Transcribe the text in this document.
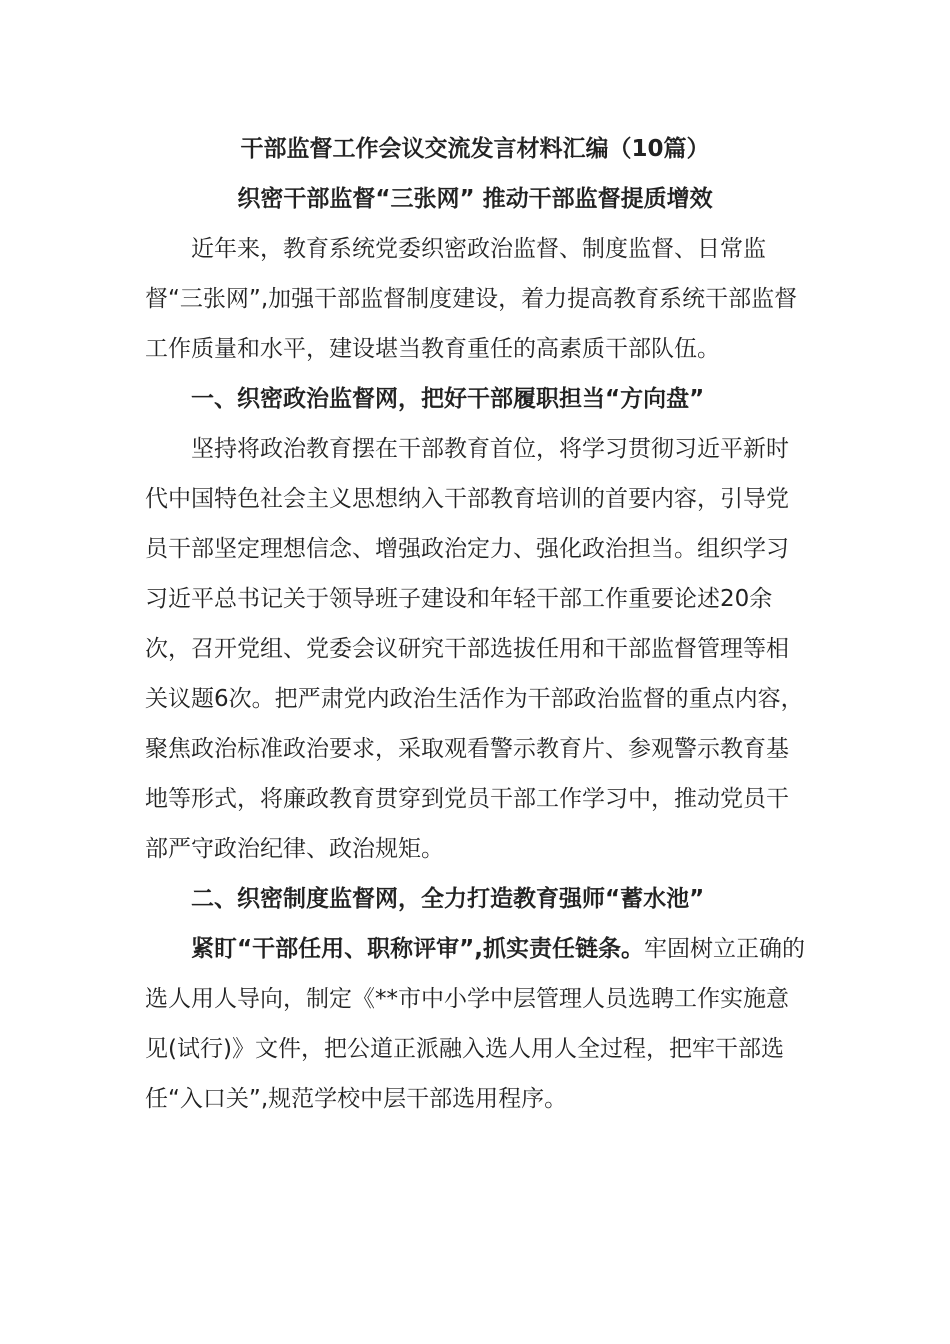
干部监督工作会议交流发言材料汇编（10篇）
织密干部监督“三张网” 推动干部监督提质增效

近年来，教育系统党委织密政治监督、制度监督、日常监督“三张网”,加强干部监督制度建设，着力提高教育系统干部监督工作质量和水平，建设堪当教育重任的高素质干部队伍。

一、织密政治监督网，把好干部履职担当“方向盘”

坚持将政治教育摆在干部教育首位，将学习贯彻习近平新时代中国特色社会主义思想纳入干部教育培训的首要内容，引导党员干部坚定理想信念、增强政治定力、强化政治担当。组织学习习近平总书记关于领导班子建设和年轻干部工作重要论述20余次，召开党组、党委会议研究干部选拔任用和干部监督管理等相关议题6次。把严肃党内政治生活作为干部政治监督的重点内容，聚焦政治标准政治要求，采取观看警示教育片、参观警示教育基地等形式，将廉政教育贯穿到党员干部工作学习中，推动党员干部严守政治纪律、政治规矩。

二、织密制度监督网，全力打造教育强师“蓄水池”

紧盯“干部任用、职称评审”,抓实责任链条。牢固树立正确的选人用人导向，制定《**市中小学中层管理人员选聘工作实施意见(试行)》文件，把公道正派融入选人用人全过程，把牢干部选任“入口关”,规范学校中层干部选用程序。
